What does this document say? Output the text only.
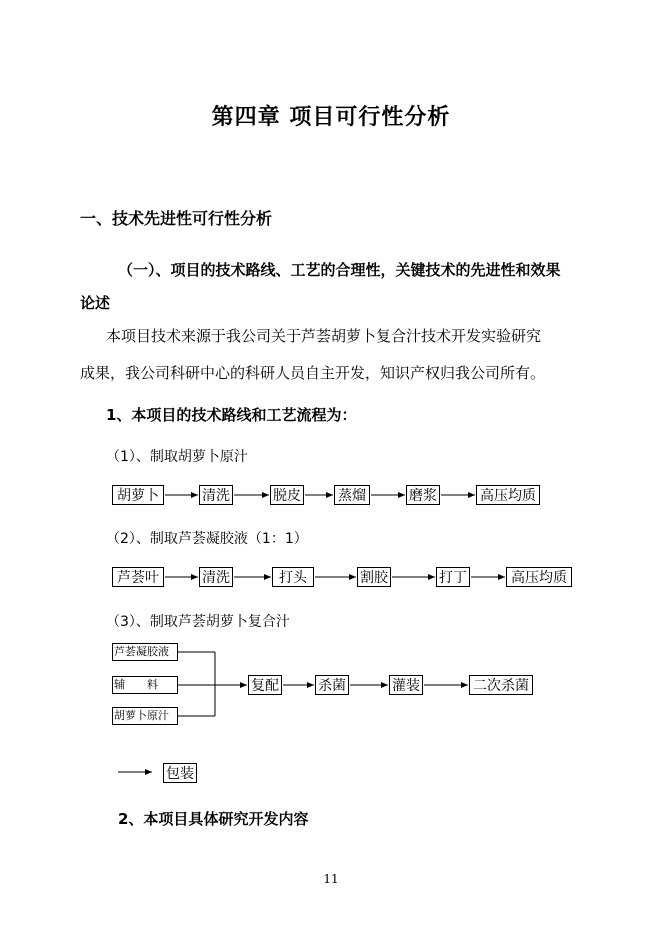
第四章 项目可行性分析
一、技术先进性可行性分析
（一）、项目的技术路线、工艺的合理性，关键技术的先进性和效果
论述
本项目技术来源于我公司关于芦荟胡萝卜复合汁技术开发实验研究
成果，我公司科研中心的科研人员自主开发，知识产权归我公司所有。
1、本项目的技术路线和工艺流程为：
（1）、制取胡萝卜原汁
胡萝卜	清洗	脱皮	蒸熘	磨浆	高压均质
（2）、制取芦荟凝胶液（1：1）
芦荟叶	清洗	打头	割胶	打丁	高压均质
（3）、制取芦荟胡萝卜复合汁
芦荟凝胶液
辅　　料
胡萝卜原汁
复配	杀菌	灌装	二次杀菌
包装
2、本项目具体研究开发内容
11
